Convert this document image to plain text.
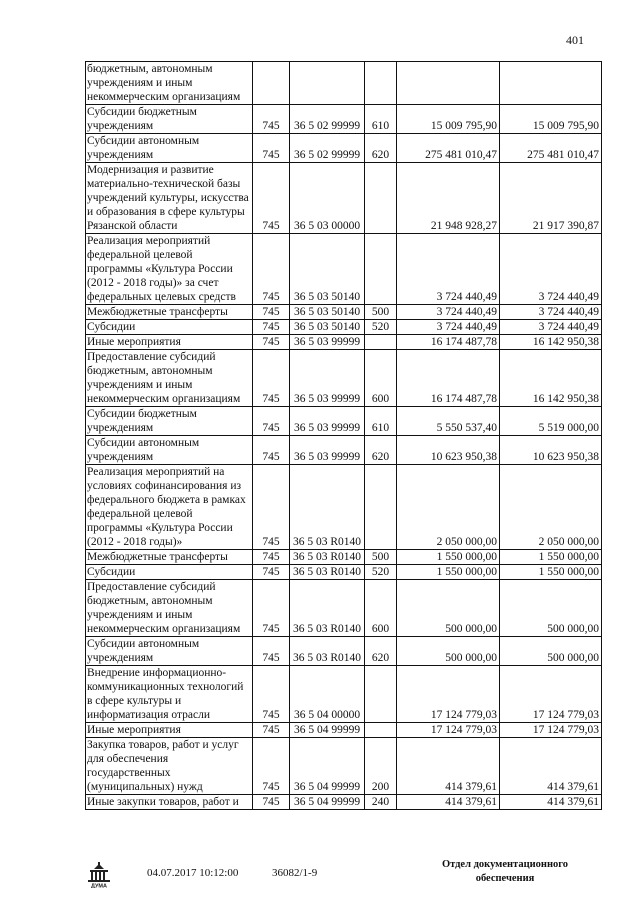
401
бюджетным, автономным учреждениям и иным некоммерческим организациям					
Субсидии бюджетным учреждениям	745	36 5 02 99999	610	15 009 795,90	15 009 795,90
Субсидии автономным учреждениям	745	36 5 02 99999	620	275 481 010,47	275 481 010,47
Модернизация и развитие материально-технической базы учреждений культуры, искусства и образования в сфере культуры Рязанской области	745	36 5 03 00000		21 948 928,27	21 917 390,87
Реализация мероприятий федеральной целевой программы «Культура России (2012 - 2018 годы)» за счет федеральных целевых средств	745	36 5 03 50140		3 724 440,49	3 724 440,49
Межбюджетные трансферты	745	36 5 03 50140	500	3 724 440,49	3 724 440,49
Субсидии	745	36 5 03 50140	520	3 724 440,49	3 724 440,49
Иные мероприятия	745	36 5 03 99999		16 174 487,78	16 142 950,38
Предоставление субсидий бюджетным, автономным учреждениям и иным некоммерческим организациям	745	36 5 03 99999	600	16 174 487,78	16 142 950,38
Субсидии бюджетным учреждениям	745	36 5 03 99999	610	5 550 537,40	5 519 000,00
Субсидии автономным учреждениям	745	36 5 03 99999	620	10 623 950,38	10 623 950,38
Реализация мероприятий на условиях софинансирования из федерального бюджета в рамках федеральной целевой программы «Культура России (2012 - 2018 годы)»	745	36 5 03 R0140		2 050 000,00	2 050 000,00
Межбюджетные трансферты	745	36 5 03 R0140	500	1 550 000,00	1 550 000,00
Субсидии	745	36 5 03 R0140	520	1 550 000,00	1 550 000,00
Предоставление субсидий бюджетным, автономным учреждениям и иным некоммерческим организациям	745	36 5 03 R0140	600	500 000,00	500 000,00
Субсидии автономным учреждениям	745	36 5 03 R0140	620	500 000,00	500 000,00
Внедрение информационно-коммуникационных технологий в сфере культуры и информатизация отрасли	745	36 5 04 00000		17 124 779,03	17 124 779,03
Иные мероприятия	745	36 5 04 99999		17 124 779,03	17 124 779,03
Закупка товаров, работ и услуг для обеспечения государственных (муниципальных) нужд	745	36 5 04 99999	200	414 379,61	414 379,61
Иные закупки товаров, работ и	745	36 5 04 99999	240	414 379,61	414 379,61
ДУМА
04.07.2017 10:12:00	36082/1-9
Отдел документационного обеспечения
